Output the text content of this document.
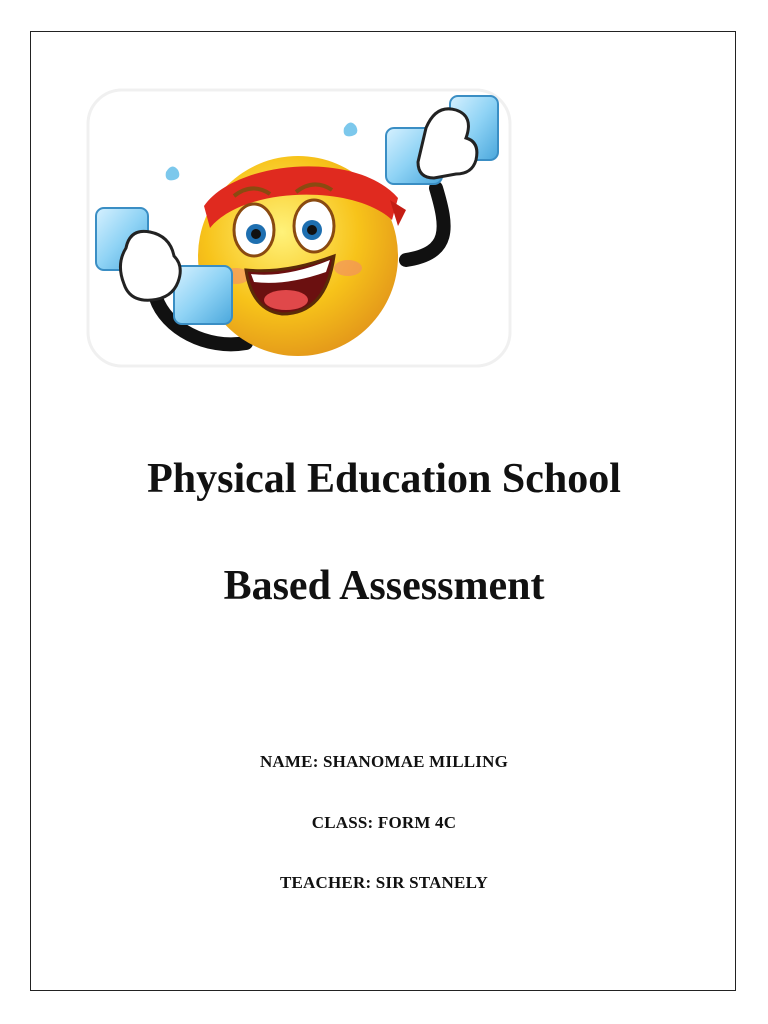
Physical Education School
Based Assessment

NAME: SHANOMAE MILLING

CLASS: FORM 4C

TEACHER: SIR STANELY
